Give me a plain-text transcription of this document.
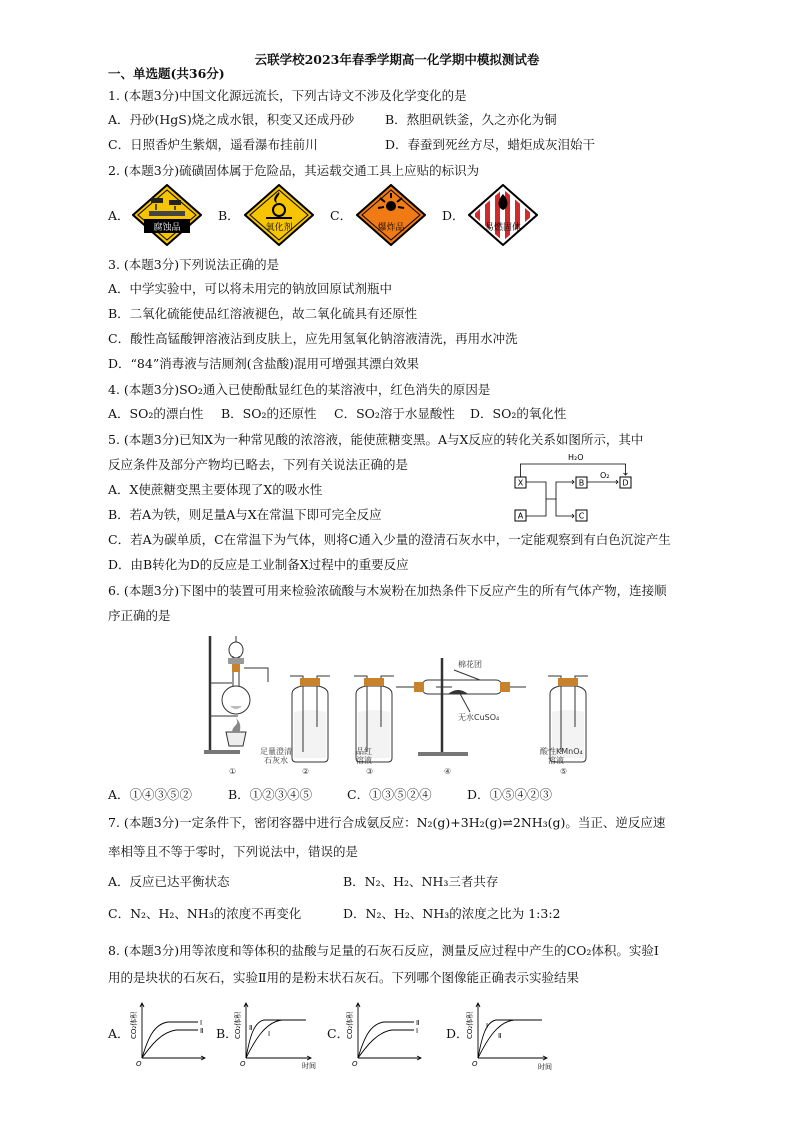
云联学校2023年春季学期高一化学期中模拟测试卷
一、单选题(共36分)
1. (本题3分)中国文化源远流长，下列古诗文不涉及化学变化的是
A．丹砂(HgS)烧之成水银，积变又还成丹砂 B．熬胆矾铁釜，久之亦化为铜
C．日照香炉生紫烟，遥看瀑布挂前川	D．春蚕到死丝方尽，蜡炬成灰泪始干
2. (本题3分)硫磺固体属于危险品，其运载交通工具上应贴的标识为
A．	B．	C．	D．
腐蚀品	氧化剂	爆炸品	易燃固体
3. (本题3分)下列说法正确的是
A．中学实验中，可以将未用完的钠放回原试剂瓶中
B．二氧化硫能使品红溶液褪色，故二氧化硫具有还原性
C．酸性高锰酸钾溶液沾到皮肤上，应先用氢氧化钠溶液清洗，再用水冲洗
D．“84”消毒液与洁厕剂(含盐酸)混用可增强其漂白效果
4. (本题3分)SO₂通入已使酚酞显红色的某溶液中，红色消失的原因是
A．SO₂的漂白性 B．SO₂的还原性 C．SO₂溶于水显酸性 D．SO₂的氧化性
5. (本题3分)已知X为一种常见酸的浓溶液，能使蔗糖变黑。A与X反应的转化关系如图所示，其中
反应条件及部分产物均已略去，下列有关说法正确的是
A．X使蔗糖变黑主要体现了X的吸水性
B．若A为铁，则足量A与X在常温下即可完全反应
C．若A为碳单质，C在常温下为气体，则将C通入少量的澄清石灰水中，一定能观察到有白色沉淀产生
D．由B转化为D的反应是工业制备X过程中的重要反应
X
A
B
C
D
H₂O
O₂
6. (本题3分)下图中的装置可用来检验浓硫酸与木炭粉在加热条件下反应产生的所有气体产物，连接顺
序正确的是
足量澄清
石灰水
品红
溶液
棉花团
无水CuSO₄
酸性KMnO₄
溶液
①	②	③	④	⑤
A．①④③⑤②	B．①②③④⑤	C．①③⑤②④	D．①⑤④②③
7. (本题3分)一定条件下，密闭容器中进行合成氨反应：N₂(g)+3H₂(g)⇌2NH₃(g)。当正、逆反应速
率相等且不等于零时，下列说法中，错误的是
A．反应已达平衡状态	B．N₂、H₂、NH₃三者共存
C．N₂、H₂、NH₃的浓度不再变化	D．N₂、H₂、NH₃的浓度之比为 1:3:2
8. (本题3分)用等浓度和等体积的盐酸与足量的石灰石反应，测量反应过程中产生的CO₂体积。实验Ⅰ
用的是块状的石灰石，实验Ⅱ用的是粉末状石灰石。下列哪个图像能正确表示实验结果
A．	B．	C．	D．
CO₂体积
O
Ⅰ
Ⅱ	CO₂体积
O
Ⅱ
Ⅰ
时间
CO₂体积
O
Ⅱ
Ⅰ	CO₂体积
O
Ⅰ
Ⅱ
时间
